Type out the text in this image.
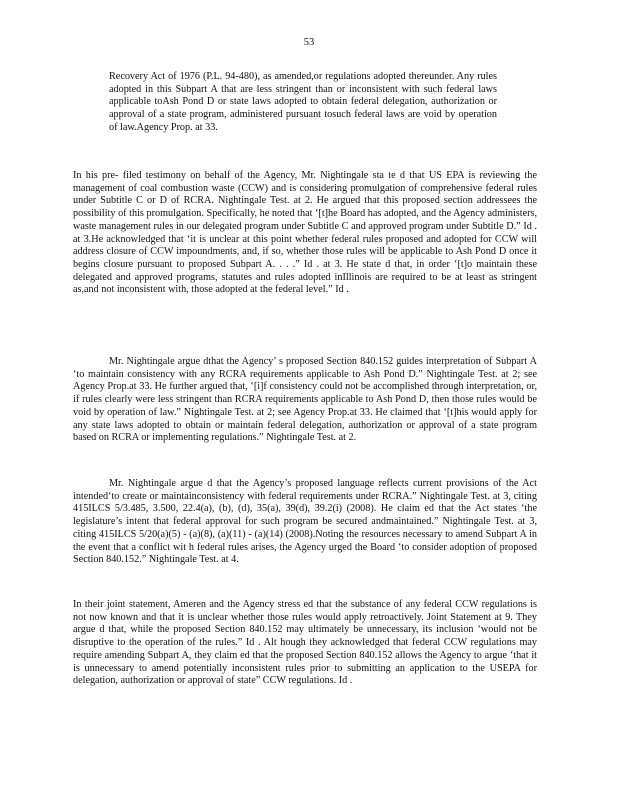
53

Recovery Act of 1976 (P.L. 94-480), as amended,or regulations adopted thereunder. Any rules adopted in this Subpart A that are less stringent than or inconsistent with such federal laws applicable toAsh Pond D or state laws adopted to obtain federal delegation, authorization or approval of a state program, administered pursuant tosuch federal laws are void by operation of law.Agency Prop. at 33.

In his pre- filed testimony on behalf of the Agency, Mr. Nightingale sta te d that US EPA is reviewing the management of coal combustion waste (CCW) and is considering promulgation of comprehensive federal rules under Subtitle C or D of RCRA. Nightingale Test. at 2. He argued that this proposed section addressees the possibility of this promulgation. Specifically, he noted that ‘[t]he Board has adopted, and the Agency administers, waste management rules in our delegated program under Subtitle C and approved program under Subtitle D.” Id . at 3.He acknowledged that ‘it is unclear at this point whether federal rules proposed and adopted for CCW will address closure of CCW impoundments, and, if so, whether those rules will be applicable to Ash Pond D once it begins closure pursuant to proposed Subpart A. . . .” Id . at 3. He state d that, in order ‘[t]o maintain these delegated and approved programs, statutes and rules adopted inIllinois are required to be at least as stringent as,and not inconsistent with, those adopted at the federal level.” Id .

Mr. Nightingale argue dthat the Agency’ s proposed Section 840.152 guides interpretation of Subpart A ‘to maintain consistency with any RCRA requirements applicable to Ash Pond D.” Nightingale Test. at 2; see Agency Prop.at 33. He further argued that, ‘[i]f consistency could not be accomplished through interpretation, or, if rules clearly were less stringent than RCRA requirements applicable to Ash Pond D, then those rules would be void by operation of law.” Nightingale Test. at 2; see Agency Prop.at 33. He claimed that ‘[t]his would apply for any state laws adopted to obtain or maintain federal delegation, authorization or approval of a state program based on RCRA or implementing regulations.” Nightingale Test. at 2.

Mr. Nightingale argue d that the Agency’s proposed language reflects current provisions of the Act intended‘to create or maintainconsistency with federal requirements under RCRA.” Nightingale Test. at 3, citing 415ILCS 5/3.485, 3.500, 22.4(a), (b), (d), 35(a), 39(d), 39.2(i) (2008). He claim ed that the Act states ‘the legislature’s intent that federal approval for such program be secured andmaintained.” Nightingale Test. at 3, citing 415ILCS 5/20(a)(5) - (a)(8), (a)(11) - (a)(14) (2008).Noting the resources necessary to amend Subpart A in the event that a conflict wit h federal rules arises, the Agency urged the Board ‘to consider adoption of proposed Section 840.152.” Nightingale Test. at 4.

In their joint statement, Ameren and the Agency stress ed that the substance of any federal CCW regulations is not now known and that it is unclear whether those rules would apply retroactively. Joint Statement at 9. They argue d that, while the proposed Section 840.152 may ultimately be unnecessary, its inclusion ‘would not be disruptive to the operation of the rules.” Id . Alt hough they acknowledged that federal CCW regulations may require amending Subpart A, they claim ed that the proposed Section 840.152 allows the Agency to argue ‘that it is unnecessary to amend potentially inconsistent rules prior to submitting an application to the USEPA for delegation, authorization or approval of state” CCW regulations. Id .
